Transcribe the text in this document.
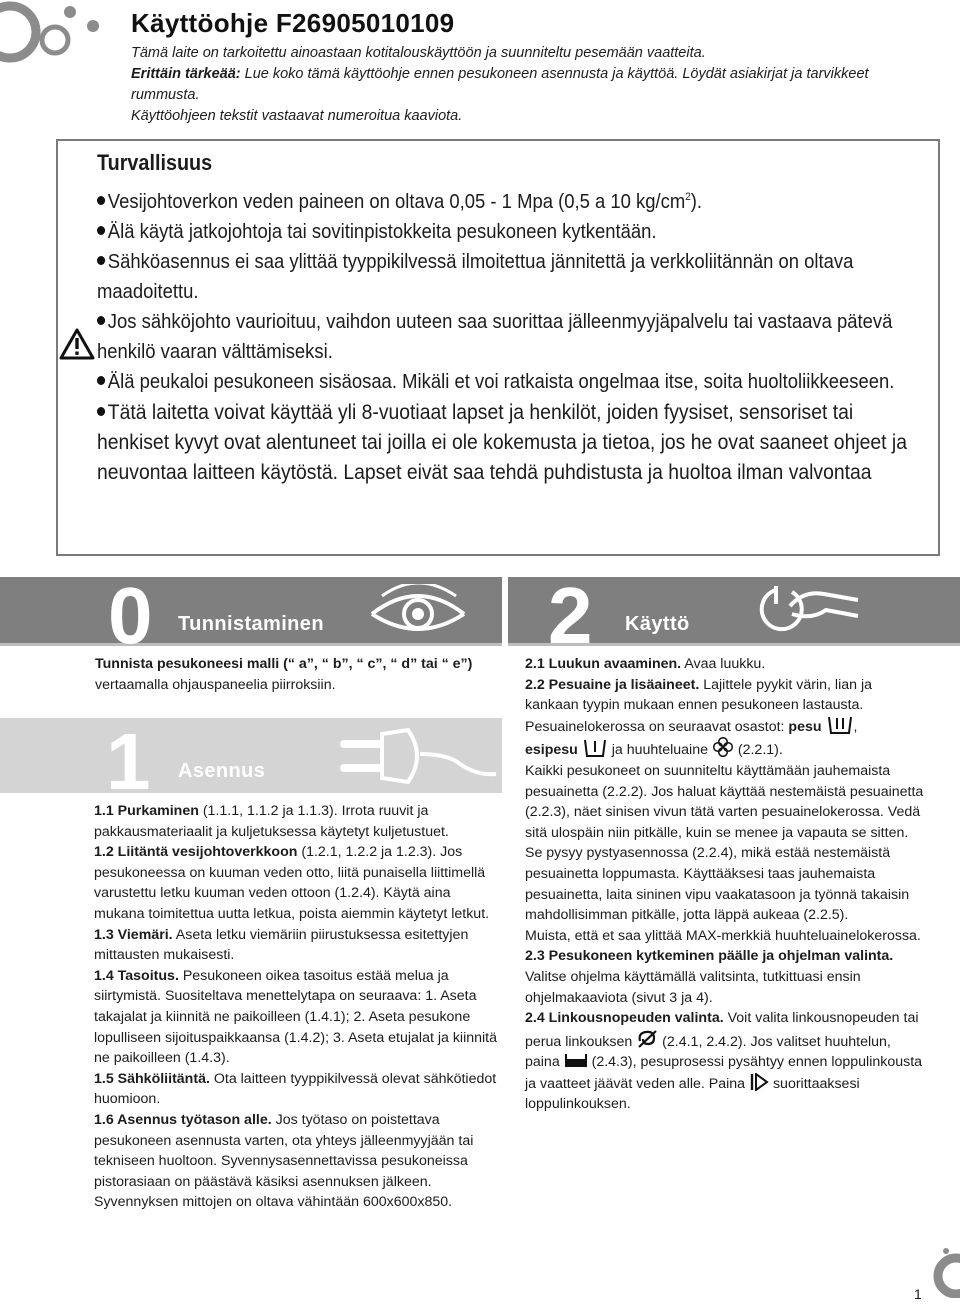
Käyttöohje F26905010109

Tämä laite on tarkoitettu ainoastaan kotitalouskäyttöön ja suunniteltu pesemään vaatteita.

Erittäin tärkeää: Lue koko tämä käyttöohje ennen pesukoneen asennusta ja käyttöä. Löydät asiakirjat ja tarvikkeet rummusta.

Käyttöohjeen tekstit vastaavat numeroitua kaaviota.

Turvallisuus
Vesijohtoverkon veden paineen on oltava 0,05 - 1 Mpa (0,5 a 10 $kg/cm^2$).
Älä käytä jatkojohtoja tai sovitinpistokkeita pesukoneen kytkentään.
Sähköasennus ei saa ylittää tyyppikilvessä ilmoitettua jännitettä ja verkkoliitännän on oltava maadoitettu.
Jos sähköjohto vaurioituu, vaihdon uuteen saa suorittaa jälleenmyyjäpalvelu tai vastaava pätevä henkilö vaaran välttämiseksi.
Älä peukaloi pesukoneen sisäosaa. Mikäli et voi ratkaista ongelmaa itse, soita huoltoliikkeeseen.
Tätä laitetta voivat käyttää yli 8-vuotiaat lapset ja henkilöt, joiden fyysiset, sensoriset tai henkiset kyvyt ovat alentuneet tai joilla ei ole kokemusta ja tietoa, jos he ovat saaneet ohjeet ja neuvontaa laitteen käytöstä. Lapset eivät saa tehdä puhdistusta ja huoltoa ilman valvontaa
0 Tunnistaminen	2 Käyttö

Tunnista pesukoneesi malli (“ a”, “ b”, “ c”, “ d” tai “ e”) vertaamalla ohjauspaneelia piirroksiin.

1 Asennus

1.1 Purkaminen (1.1.1, 1.1.2 ja 1.1.3). Irrota ruuvit ja pakkausmateriaalit ja kuljetuksessa käytetyt kuljetustuet.

1.2 Liitäntä vesijohtoverkkoon (1.2.1, 1.2.2 ja 1.2.3). Jos pesukoneessa on kuuman veden otto, liitä punaisella liittimellä varustettu letku kuuman veden ottoon (1.2.4). Käytä aina mukana toimitettua uutta letkua, poista aiemmin käytetyt letkut.

1.3 Viemäri. Aseta letku viemäriin piirustuksessa esitettyjen mittausten mukaisesti.

1.4 Tasoitus. Pesukoneen oikea tasoitus estää melua ja siirtymistä. Suositeltava menettelytapa on seuraava: 1. Aseta takajalat ja kiinnitä ne paikoilleen (1.4.1); 2. Aseta pesukone lopulliseen sijoituspaikkaansa (1.4.2); 3. Aseta etujalat ja kiinnitä ne paikoilleen (1.4.3).

1.5 Sähköliitäntä. Ota laitteen tyyppikilvessä olevat sähkötiedot huomioon.

1.6 Asennus työtason alle. Jos työtaso on poistettava pesukoneen asennusta varten, ota yhteys jälleenmyyjään tai tekniseen huoltoon. Syvennysasennettavissa pesukoneissa pistorasiaan on päästävä käsiksi asennuksen jälkeen. Syvennyksen mittojen on oltava vähintään 600x600x850.

2.1 Luukun avaaminen. Avaa luukku.

2.2 Pesuaine ja lisäaineet. Lajittele pyykit värin, lian ja kankaan tyypin mukaan ennen pesukoneen lastausta.

Pesuainelokerossa on seuraavat osastot: pesu ,

esipesu  ja huuhteluaine  (2.2.1).

Kaikki pesukoneet on suunniteltu käyttämään jauhemaista pesuainetta (2.2.2). Jos haluat käyttää nestemäistä pesuainetta (2.2.3), näet sinisen vivun tätä varten pesuainelokerossa. Vedä sitä ulospäin niin pitkälle, kuin se menee ja vapauta se sitten. Se pysyy pystyasennossa (2.2.4), mikä estää nestemäistä pesuainetta loppumasta. Käyttääksesi taas jauhemaista pesuainetta, laita sininen vipu vaakatasoon ja työnnä takaisin mahdollisimman pitkälle, jotta läppä aukeaa (2.2.5).

Muista, että et saa ylittää MAX-merkkiä huuhteluainelokerossa.

2.3 Pesukoneen kytkeminen päälle ja ohjelman valinta. Valitse ohjelma käyttämällä valitsinta, tutkittuasi ensin ohjelmakaaviota (sivut 3 ja 4).

2.4 Linkousnopeuden valinta. Voit valita linkousnopeuden tai perua linkouksen  (2.4.1, 2.4.2). Jos valitset huuhtelun, paina  (2.4.3), pesuprosessi pysähtyy ennen loppulinkousta ja vaatteet jäävät veden alle. Paina  suorittaaksesi loppulinkouksen.

1
